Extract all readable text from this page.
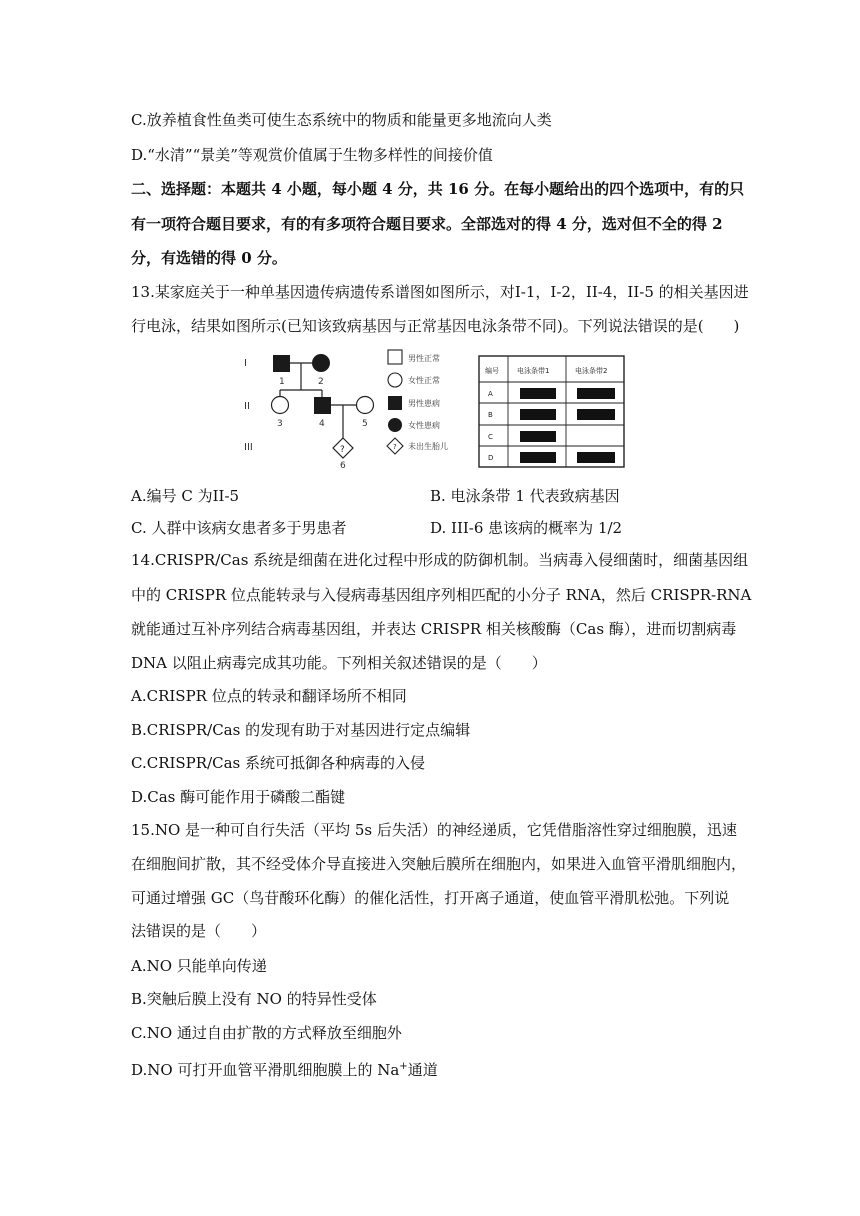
C.放养植食性鱼类可使生态系统中的物质和能量更多地流向人类
D.“水清”“景美”等观赏价值属于生物多样性的间接价值
二、选择题：本题共 4 小题，每小题 4 分，共 16 分。在每小题给出的四个选项中，有的只
有一项符合题目要求，有的有多项符合题目要求。全部选对的得 4 分，选对但不全的得 2
分，有选错的得 0 分。
13.某家庭关于一种单基因遗传病遗传系谱图如图所示，对I-1，I-2，II-4，II-5 的相关基因进
行电泳，结果如图所示(已知该致病基因与正常基因电泳条带不同)。下列说法错误的是(　　)
I
II
III	?
1	2
3	4	5
6
男性正常
女性正常
男性患病
女性患病
? 未出生胎儿
编号	电泳条带1	电泳条带2
A
B
C
D
A.编号 C 为II-5	B. 电泳条带 1 代表致病基因
C. 人群中该病女患者多于男患者	D. III-6 患该病的概率为 1/2
14.CRISPR/Cas 系统是细菌在进化过程中形成的防御机制。当病毒入侵细菌时，细菌基因组
中的 CRISPR 位点能转录与入侵病毒基因组序列相匹配的小分子 RNA，然后 CRISPR-RNA
就能通过互补序列结合病毒基因组，并表达 CRISPR 相关核酸酶（Cas 酶），进而切割病毒
DNA 以阻止病毒完成其功能。下列相关叙述错误的是（　　）
A.CRISPR 位点的转录和翻译场所不相同
B.CRISPR/Cas 的发现有助于对基因进行定点编辑
C.CRISPR/Cas 系统可抵御各种病毒的入侵
D.Cas 酶可能作用于磷酸二酯键
15.NO 是一种可自行失活（平均 5s 后失活）的神经递质，它凭借脂溶性穿过细胞膜，迅速
在细胞间扩散，其不经受体介导直接进入突触后膜所在细胞内，如果进入血管平滑肌细胞内，
可通过增强 GC（鸟苷酸环化酶）的催化活性，打开离子通道，使血管平滑肌松弛。下列说
法错误的是（　　）
A.NO 只能单向传递
B.突触后膜上没有 NO 的特异性受体
C.NO 通过自由扩散的方式释放至细胞外
D.NO 可打开血管平滑肌细胞膜上的 Na+通道
